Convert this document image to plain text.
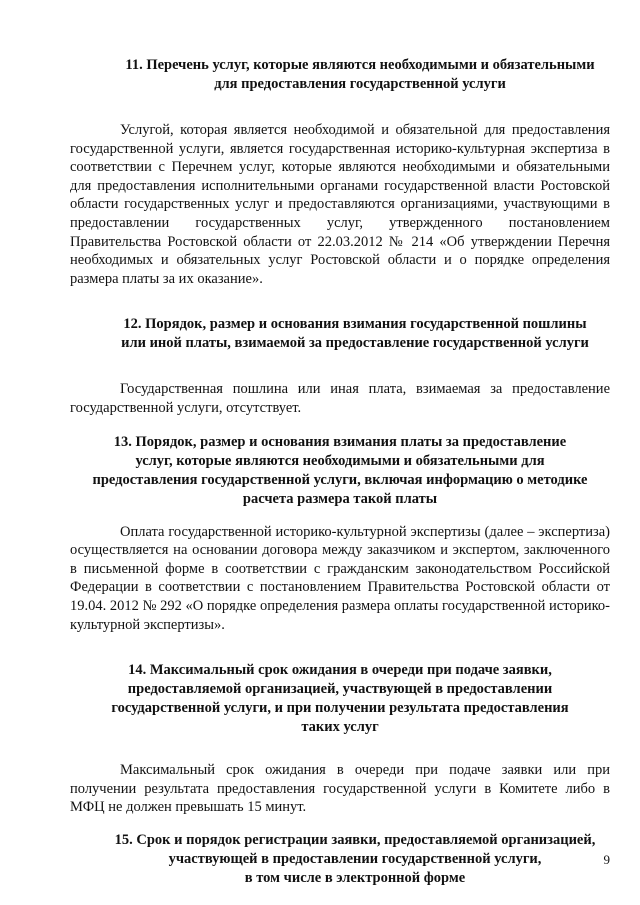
11. Перечень услуг, которые являются необходимыми и обязательными
для предоставления государственной услуги

Услугой, которая является необходимой и обязательной для предоставления государственной услуги, является государственная историко-культурная экспертиза в соответствии с Перечнем услуг, которые являются необходимыми и обязательными для предоставления исполнительными органами государственной власти Ростовской области государственных услуг и предоставляются организациями, участвующими в предоставлении государственных услуг, утвержденного постановлением Правительства Ростовской области от 22.03.2012 № 214 «Об утверждении Перечня необходимых и обязательных услуг Ростовской области и о порядке определения размера платы за их оказание».

12. Порядок, размер и основания взимания государственной пошлины
или иной платы, взимаемой за предоставление государственной услуги

Государственная пошлина или иная плата, взимаемая за предоставление государственной услуги, отсутствует.

13. Порядок, размер и основания взимания платы за предоставление
услуг, которые являются необходимыми и обязательными для
предоставления государственной услуги, включая информацию о методике
расчета размера такой платы

Оплата государственной историко-культурной экспертизы (далее – экспертиза) осуществляется на основании договора между заказчиком и экспертом, заключенного в письменной форме в соответствии с гражданским законодательством Российской Федерации в соответствии с постановлением Правительства Ростовской области от 19.04. 2012 № 292 «О порядке определения размера оплаты государственной историко-культурной экспертизы».

14. Максимальный срок ожидания в очереди при подаче заявки,
предоставляемой организацией, участвующей в предоставлении
государственной услуги, и при получении результата предоставления
таких услуг

Максимальный срок ожидания в очереди при подаче заявки или при получении результата предоставления государственной услуги в Комитете либо в МФЦ не должен превышать 15 минут.

15. Срок и порядок регистрации заявки, предоставляемой организацией,
участвующей в предоставлении государственной услуги,
в том числе в электронной форме
9
